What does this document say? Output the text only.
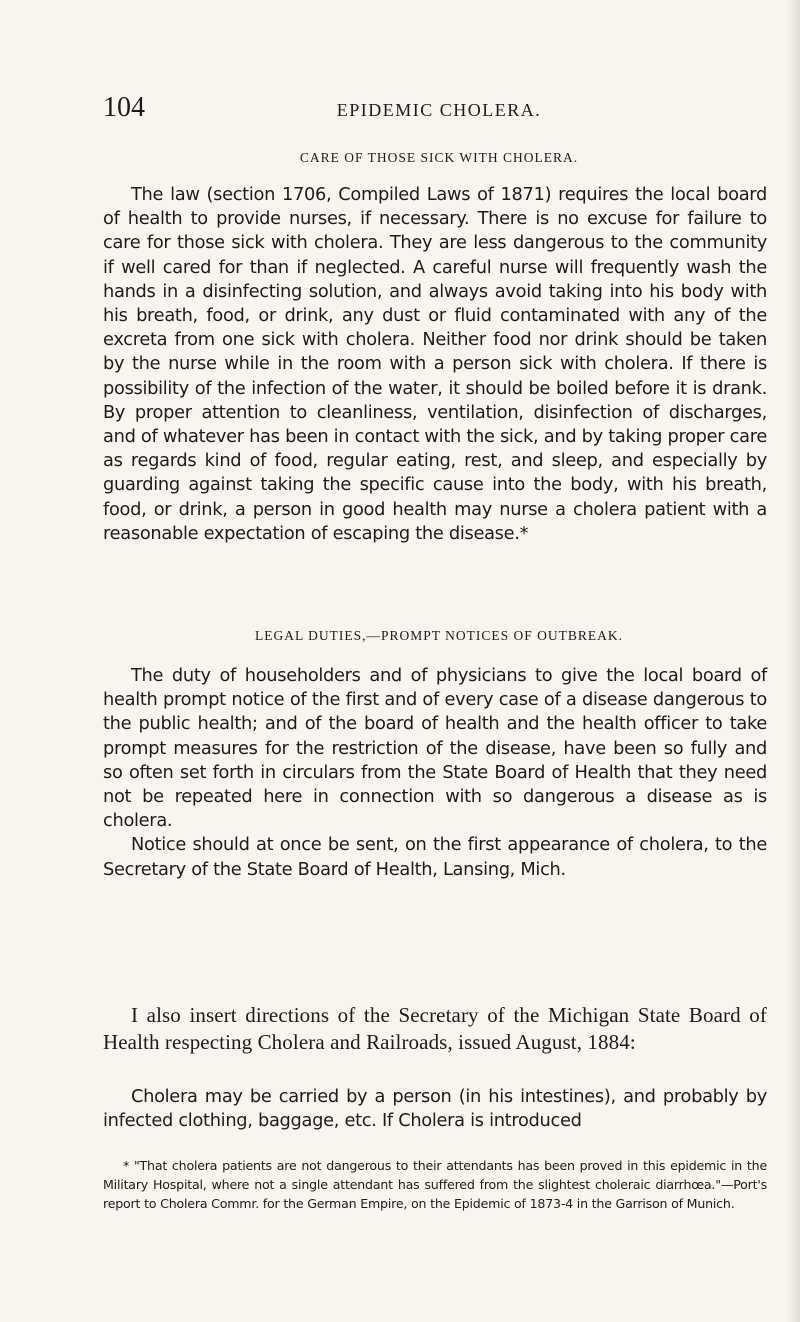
104	EPIDEMIC CHOLERA.
CARE OF THOSE SICK WITH CHOLERA.

The law (section 1706, Compiled Laws of 1871) requires the local board of health to provide nurses, if necessary. There is no excuse for failure to care for those sick with cholera. They are less dangerous to the community if well cared for than if neglected. A careful nurse will frequently wash the hands in a disinfecting solution, and always avoid taking into his body with his breath, food, or drink, any dust or fluid contaminated with any of the excreta from one sick with cholera. Neither food nor drink should be taken by the nurse while in the room with a person sick with cholera. If there is possibility of the infection of the water, it should be boiled before it is drank. By proper attention to cleanliness, ventilation, disinfection of discharges, and of whatever has been in contact with the sick, and by taking proper care as regards kind of food, regular eating, rest, and sleep, and especially by guarding against taking the specific cause into the body, with his breath, food, or drink, a person in good health may nurse a cholera patient with a reasonable expectation of escaping the disease.*

LEGAL DUTIES,—PROMPT NOTICES OF OUTBREAK.

The duty of householders and of physicians to give the local board of health prompt notice of the first and of every case of a disease dangerous to the public health; and of the board of health and the health officer to take prompt measures for the restriction of the disease, have been so fully and so often set forth in circulars from the State Board of Health that they need not be repeated here in connection with so dangerous a disease as is cholera.

Notice should at once be sent, on the first appearance of cholera, to the Secretary of the State Board of Health, Lansing, Mich.

I also insert directions of the Secretary of the Michigan State Board of Health respecting Cholera and Railroads, issued August, 1884:

Cholera may be carried by a person (in his intestines), and probably by infected clothing, baggage, etc. If Cholera is introduced

* "That cholera patients are not dangerous to their attendants has been proved in this epidemic in the Military Hospital, where not a single attendant has suffered from the slightest choleraic diarrhœa."—Port's report to Cholera Commr. for the German Empire, on the Epidemic of 1873-4 in the Garrison of Munich.
